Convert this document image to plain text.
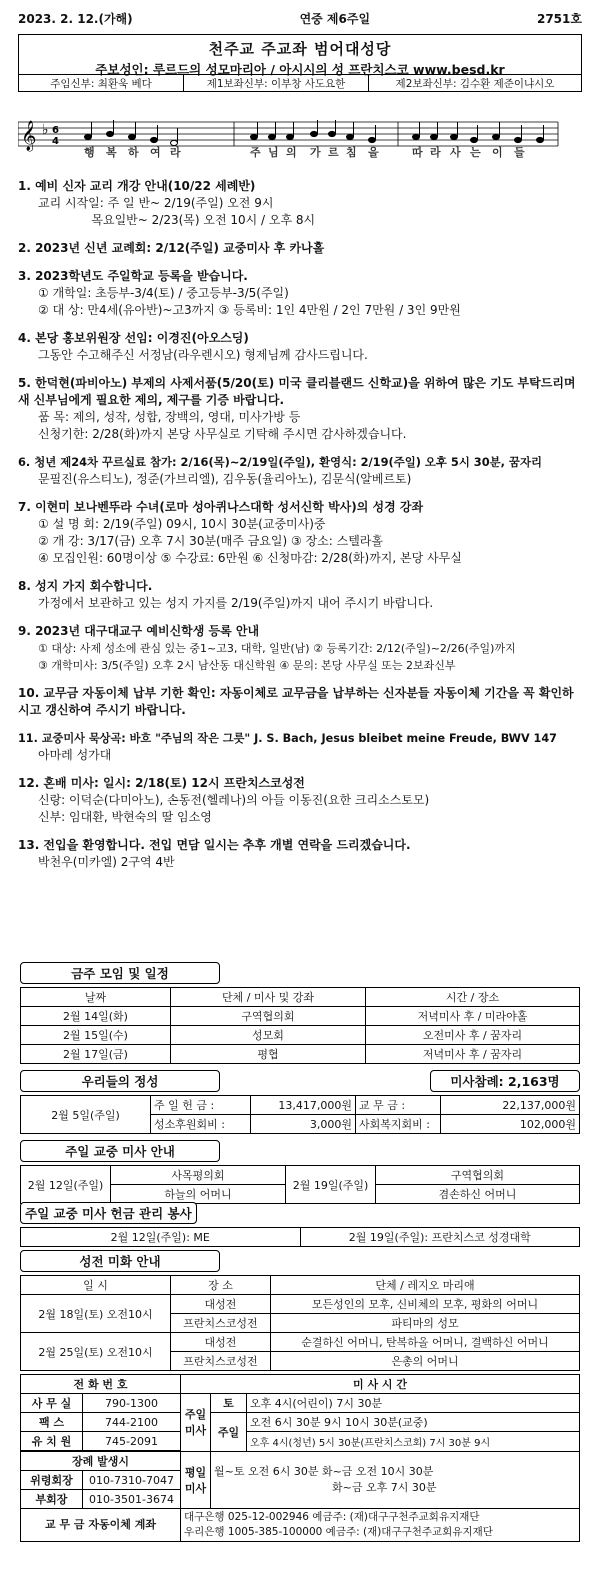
2023. 2. 12.(가해)	연중 제6주일	2751호
천주교 주교좌 범어대성당
주보성인: 루르드의 성모마리아 / 아시시의 성 프란치스코 www.besd.kr
주임신부: 최환욱 베다	제1보좌신부: 이부창 사도요한	제2보좌신부: 김수환 제준이냐시오
𝄞 ♭ 6
4
행 복 하 여 라	주 님 의 가 르 침 을	따 라 사 는 이 들
1. 예비 신자 교리 개강 안내(10/22 세례반)
교리 시작일: 주 일 반~ 2/19(주일) 오전 9시
목요일반~ 2/23(목) 오전 10시 / 오후 8시
2. 2023년 신년 교례회: 2/12(주일) 교중미사 후 카나홀
3. 2023학년도 주일학교 등록을 받습니다.
① 개학일: 초등부-3/4(토) / 중고등부-3/5(주일)
② 대 상: 만4세(유아반)~고3까지 ③ 등록비: 1인 4만원 / 2인 7만원 / 3인 9만원
4. 본당 홍보위원장 선임: 이경진(아오스딩)
그동안 수고해주신 서정남(라우렌시오) 형제님께 감사드립니다.
5. 한덕현(파비아노) 부제의 사제서품(5/20(토) 미국 클리블랜드 신학교)을 위하여 많은 기도 부탁드리며 새 신부님에게 필요한 제의, 제구를 기증 바랍니다.
품 목: 제의, 성작, 성합, 장백의, 영대, 미사가방 등
신청기한: 2/28(화)까지 본당 사무실로 기탁해 주시면 감사하겠습니다.
6. 청년 제24차 꾸르실료 참가: 2/16(목)~2/19일(주일), 환영식: 2/19(주일) 오후 5시 30분, 꿈자리
문필진(유스티노), 정준(가브리엘), 김우동(율리아노), 김문식(알베르토)
7. 이현미 보나벤뚜라 수녀(로마 성아퀴나스대학 성서신학 박사)의 성경 강좌
① 설 명 회: 2/19(주일) 09시, 10시 30분(교중미사)중
② 개 강: 3/17(금) 오후 7시 30분(매주 금요일) ③ 장소: 스텔라홀
④ 모집인원: 60명이상 ⑤ 수강료: 6만원 ⑥ 신청마감: 2/28(화)까지, 본당 사무실
8. 성지 가지 회수합니다.
가정에서 보관하고 있는 성지 가지를 2/19(주일)까지 내어 주시기 바랍니다.
9. 2023년 대구대교구 예비신학생 등록 안내
① 대상: 사제 성소에 관심 있는 중1~고3, 대학, 일반(남) ② 등록기간: 2/12(주일)~2/26(주일)까지
③ 개학미사: 3/5(주일) 오후 2시 남산동 대신학원 ④ 문의: 본당 사무실 또는 2보좌신부
10. 교무금 자동이체 납부 기한 확인: 자동이체로 교무금을 납부하는 신자분들 자동이체 기간을 꼭 확인하시고 갱신하여 주시기 바랍니다.
11. 교중미사 묵상곡: 바흐 "주님의 작은 그릇" J. S. Bach, Jesus bleibet meine Freude, BWV 147
아마레 성가대
12. 혼배 미사: 일시: 2/18(토) 12시 프란치스코성전
신랑: 이덕순(다미아노), 손동전(헬레나)의 아들 이동진(요한 크리소스토모)
신부: 임대환, 박현숙의 딸 임소영
13. 전입을 환영합니다. 전입 면담 일시는 추후 개별 연락을 드리겠습니다.
박천우(미카엘) 2구역 4반
금주 모임 및 일정
날짜	단체 / 미사 및 강좌	시간 / 장소
2월 14일(화)	구역협의회	저녁미사 후 / 미라야홀
2월 15일(수)	성모회	오전미사 후 / 꿈자리
2월 17일(금)	평협	저녁미사 후 / 꿈자리
우리들의 정성	미사참례: 2,163명
2월 5일(주일)	주 일 헌 금 :	13,417,000원	교 무 금 :	22,137,000원
	성소후원회비 :	3,000원	사회복지회비 :	102,000원
주일 교중 미사 안내
2월 12일(주일)	사목평의회	2월 19일(주일)	구역협의회
	하늘의 어머니		겸손하신 어머니
주일 교중 미사 헌금 관리 봉사
2월 12일(주일): ME	2월 19일(주일): 프란치스코 성경대학
성전 미화 안내
일 시	장 소	단체 / 레지오 마리애
2월 18일(토) 오전10시	대성전	모든성인의 모후, 신비체의 모후, 평화의 어머니
	프란치스코성전	파티마의 성모
2월 25일(토) 오전10시	대성전	순결하신 어머니, 탄복하올 어머니, 결백하신 어머니
	프란치스코성전	은총의 어머니
전 화 번 호		미 사 시 간		
사 무 실	790-1300	주일 미사	토	오후 4시(어린이) 7시 30분
팩 스	744-2100		주일	오전 6시 30분 9시 10시 30분(교중)
유 치 원	745-2091			오후 4시(청년) 5시 30분(프란치스코회) 7시 30분 9시
장례 발생시		평일 미사	월~토 오전 6시 30분 화~금 오전 10시 30분
화~금 오후 7시 30분	

위령회장	010-7310-7047			
부회장	010-3501-3674			
교 무 금 자동이체 계좌		대구은행 025-12-002946 예금주: (재)대구구천주교회유지재단
우리은행 1005-385-100000 예금주: (재)대구구천주교회유지재단		
